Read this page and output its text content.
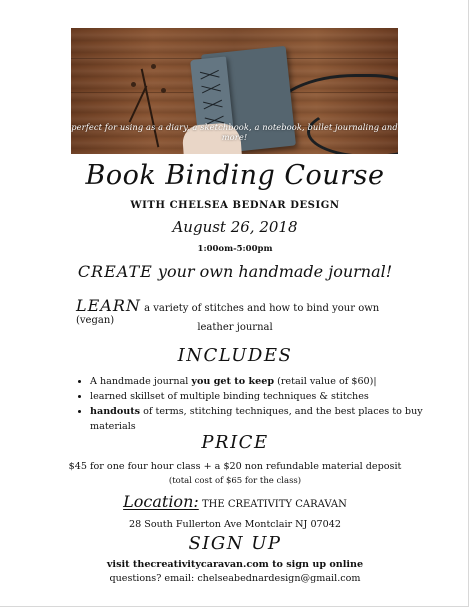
perfect for using as a diary, a sketchbook, a notebook, bullet journaling and more!
Book Binding Course
WITH CHELSEA BEDNAR DESIGN
August 26, 2018
1:00om-5:00pm
CREATE your own handmade journal!
LEARN a variety of stitches and how to bind your own (vegan)
leather journal
INCLUDES
• A handmade journal you get to keep (retail value of $60)|
• learned skillset of multiple binding techniques & stitches
• handouts of terms, stitching techniques, and the best places to buy materials
PRICE
$45 for one four hour class + a $20 non refundable material deposit
(total cost of $65 for the class)
Location: THE CREATIVITY CARAVAN
28 South Fullerton Ave Montclair NJ 07042
SIGN UP
visit thecreativitycaravan.com to sign up online
questions? email: chelseabednardesign@gmail.com
